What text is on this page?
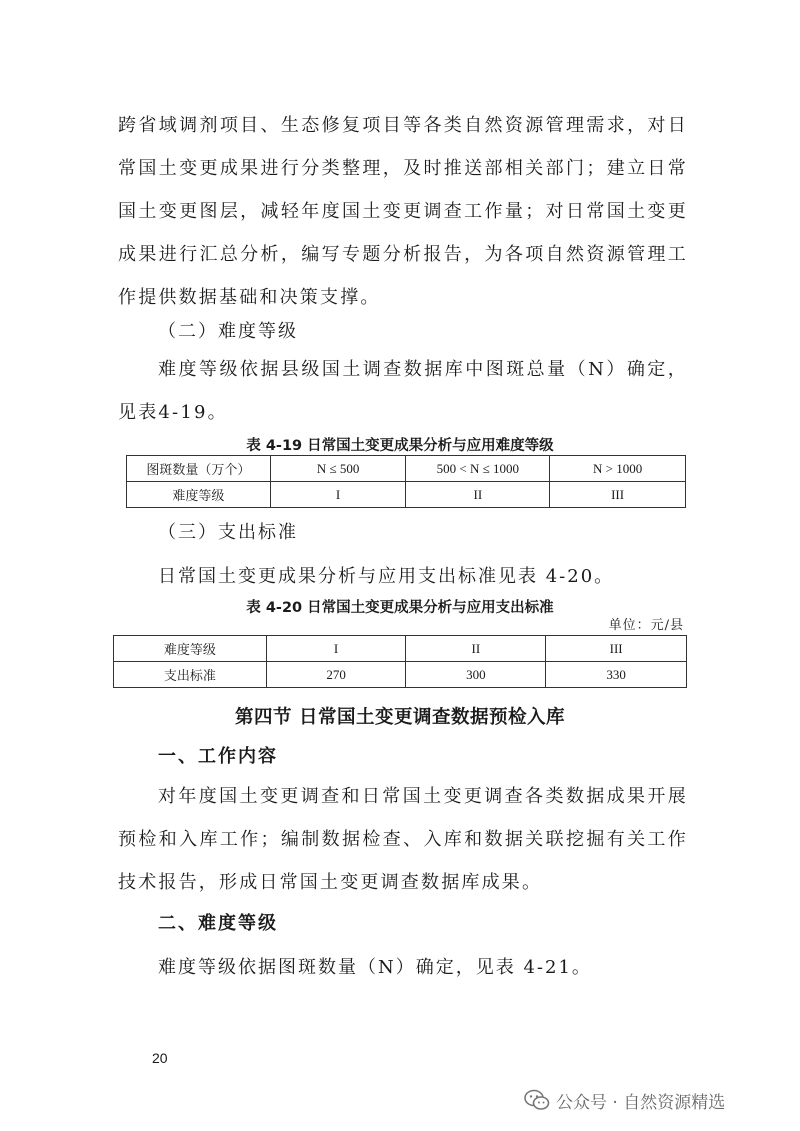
跨省域调剂项目、生态修复项目等各类自然资源管理需求，对日常国土变更成果进行分类整理，及时推送部相关部门；建立日常国土变更图层，减轻年度国土变更调查工作量；对日常国土变更成果进行汇总分析，编写专题分析报告，为各项自然资源管理工作提供数据基础和决策支撑。

（二）难度等级

难度等级依据县级国土调查数据库中图斑总量（N）确定，见表4-19。

表 4-19 日常国土变更成果分析与应用难度等级

图斑数量（万个）	N ≤ 500	500 < N ≤ 1000	N > 1000
难度等级	I	II	III

（三）支出标准

日常国土变更成果分析与应用支出标准见表 4-20。

表 4-20 日常国土变更成果分析与应用支出标准

单位：元/县
难度等级	I	II	III
支出标准	270	300	330

第四节 日常国土变更调查数据预检入库

一、工作内容

对年度国土变更调查和日常国土变更调查各类数据成果开展预检和入库工作；编制数据检查、入库和数据关联挖掘有关工作技术报告，形成日常国土变更调查数据库成果。

二、难度等级

难度等级依据图斑数量（N）确定，见表 4-21。

20
公众号 · 自然资源精选
